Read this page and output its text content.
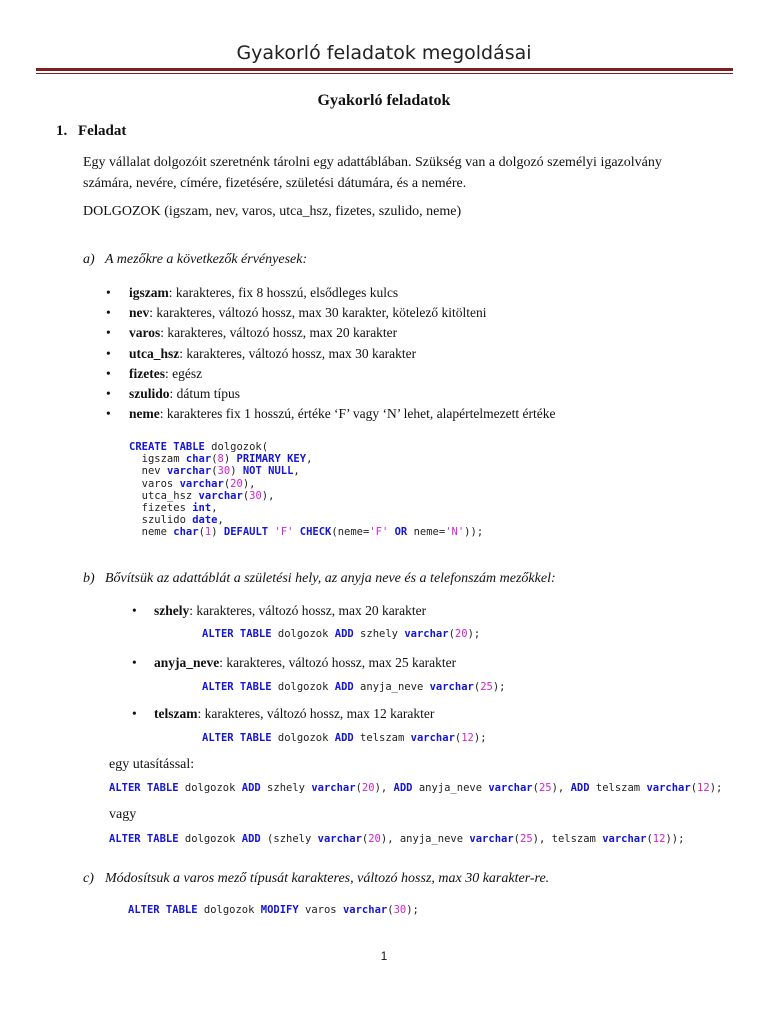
Gyakorló feladatok megoldásai
Gyakorló feladatok
1. Feladat
Egy vállalat dolgozóit szeretnénk tárolni egy adattáblában. Szükség van a dolgozó személyi igazolvány
számára, nevére, címére, fizetésére, születési dátumára, és a nemére.
DOLGOZOK (igszam, nev, varos, utca_hsz, fizetes, szulido, neme)
a) A mezőkre a következők érvényesek:
• igszam: karakteres, fix 8 hosszú, elsődleges kulcs
• nev: karakteres, változó hossz, max 30 karakter, kötelező kitölteni
• varos: karakteres, változó hossz, max 20 karakter
• utca_hsz: karakteres, változó hossz, max 30 karakter
• fizetes: egész
• szulido: dátum típus
• neme: karakteres fix 1 hosszú, értéke ‘F’ vagy ‘N’ lehet, alapértelmezett értéke
CREATE TABLE dolgozok(
igszam char(8) PRIMARY KEY,
nev varchar(30) NOT NULL,
varos varchar(20),
utca_hsz varchar(30),
fizetes int,
szulido date,
neme char(1) DEFAULT 'F' CHECK(neme='F' OR neme='N'));
b) Bővítsük az adattáblát a születési hely, az anyja neve és a telefonszám mezőkkel:
• szhely: karakteres, változó hossz, max 20 karakter
ALTER TABLE dolgozok ADD szhely varchar(20);
• anyja_neve: karakteres, változó hossz, max 25 karakter
ALTER TABLE dolgozok ADD anyja_neve varchar(25);
• telszam: karakteres, változó hossz, max 12 karakter
ALTER TABLE dolgozok ADD telszam varchar(12);
egy utasítással:
ALTER TABLE dolgozok ADD szhely varchar(20), ADD anyja_neve varchar(25), ADD telszam varchar(12);
vagy
ALTER TABLE dolgozok ADD (szhely varchar(20), anyja_neve varchar(25), telszam varchar(12));
c) Módosítsuk a varos mező típusát karakteres, változó hossz, max 30 karakter-re.
ALTER TABLE dolgozok MODIFY varos varchar(30);
1
